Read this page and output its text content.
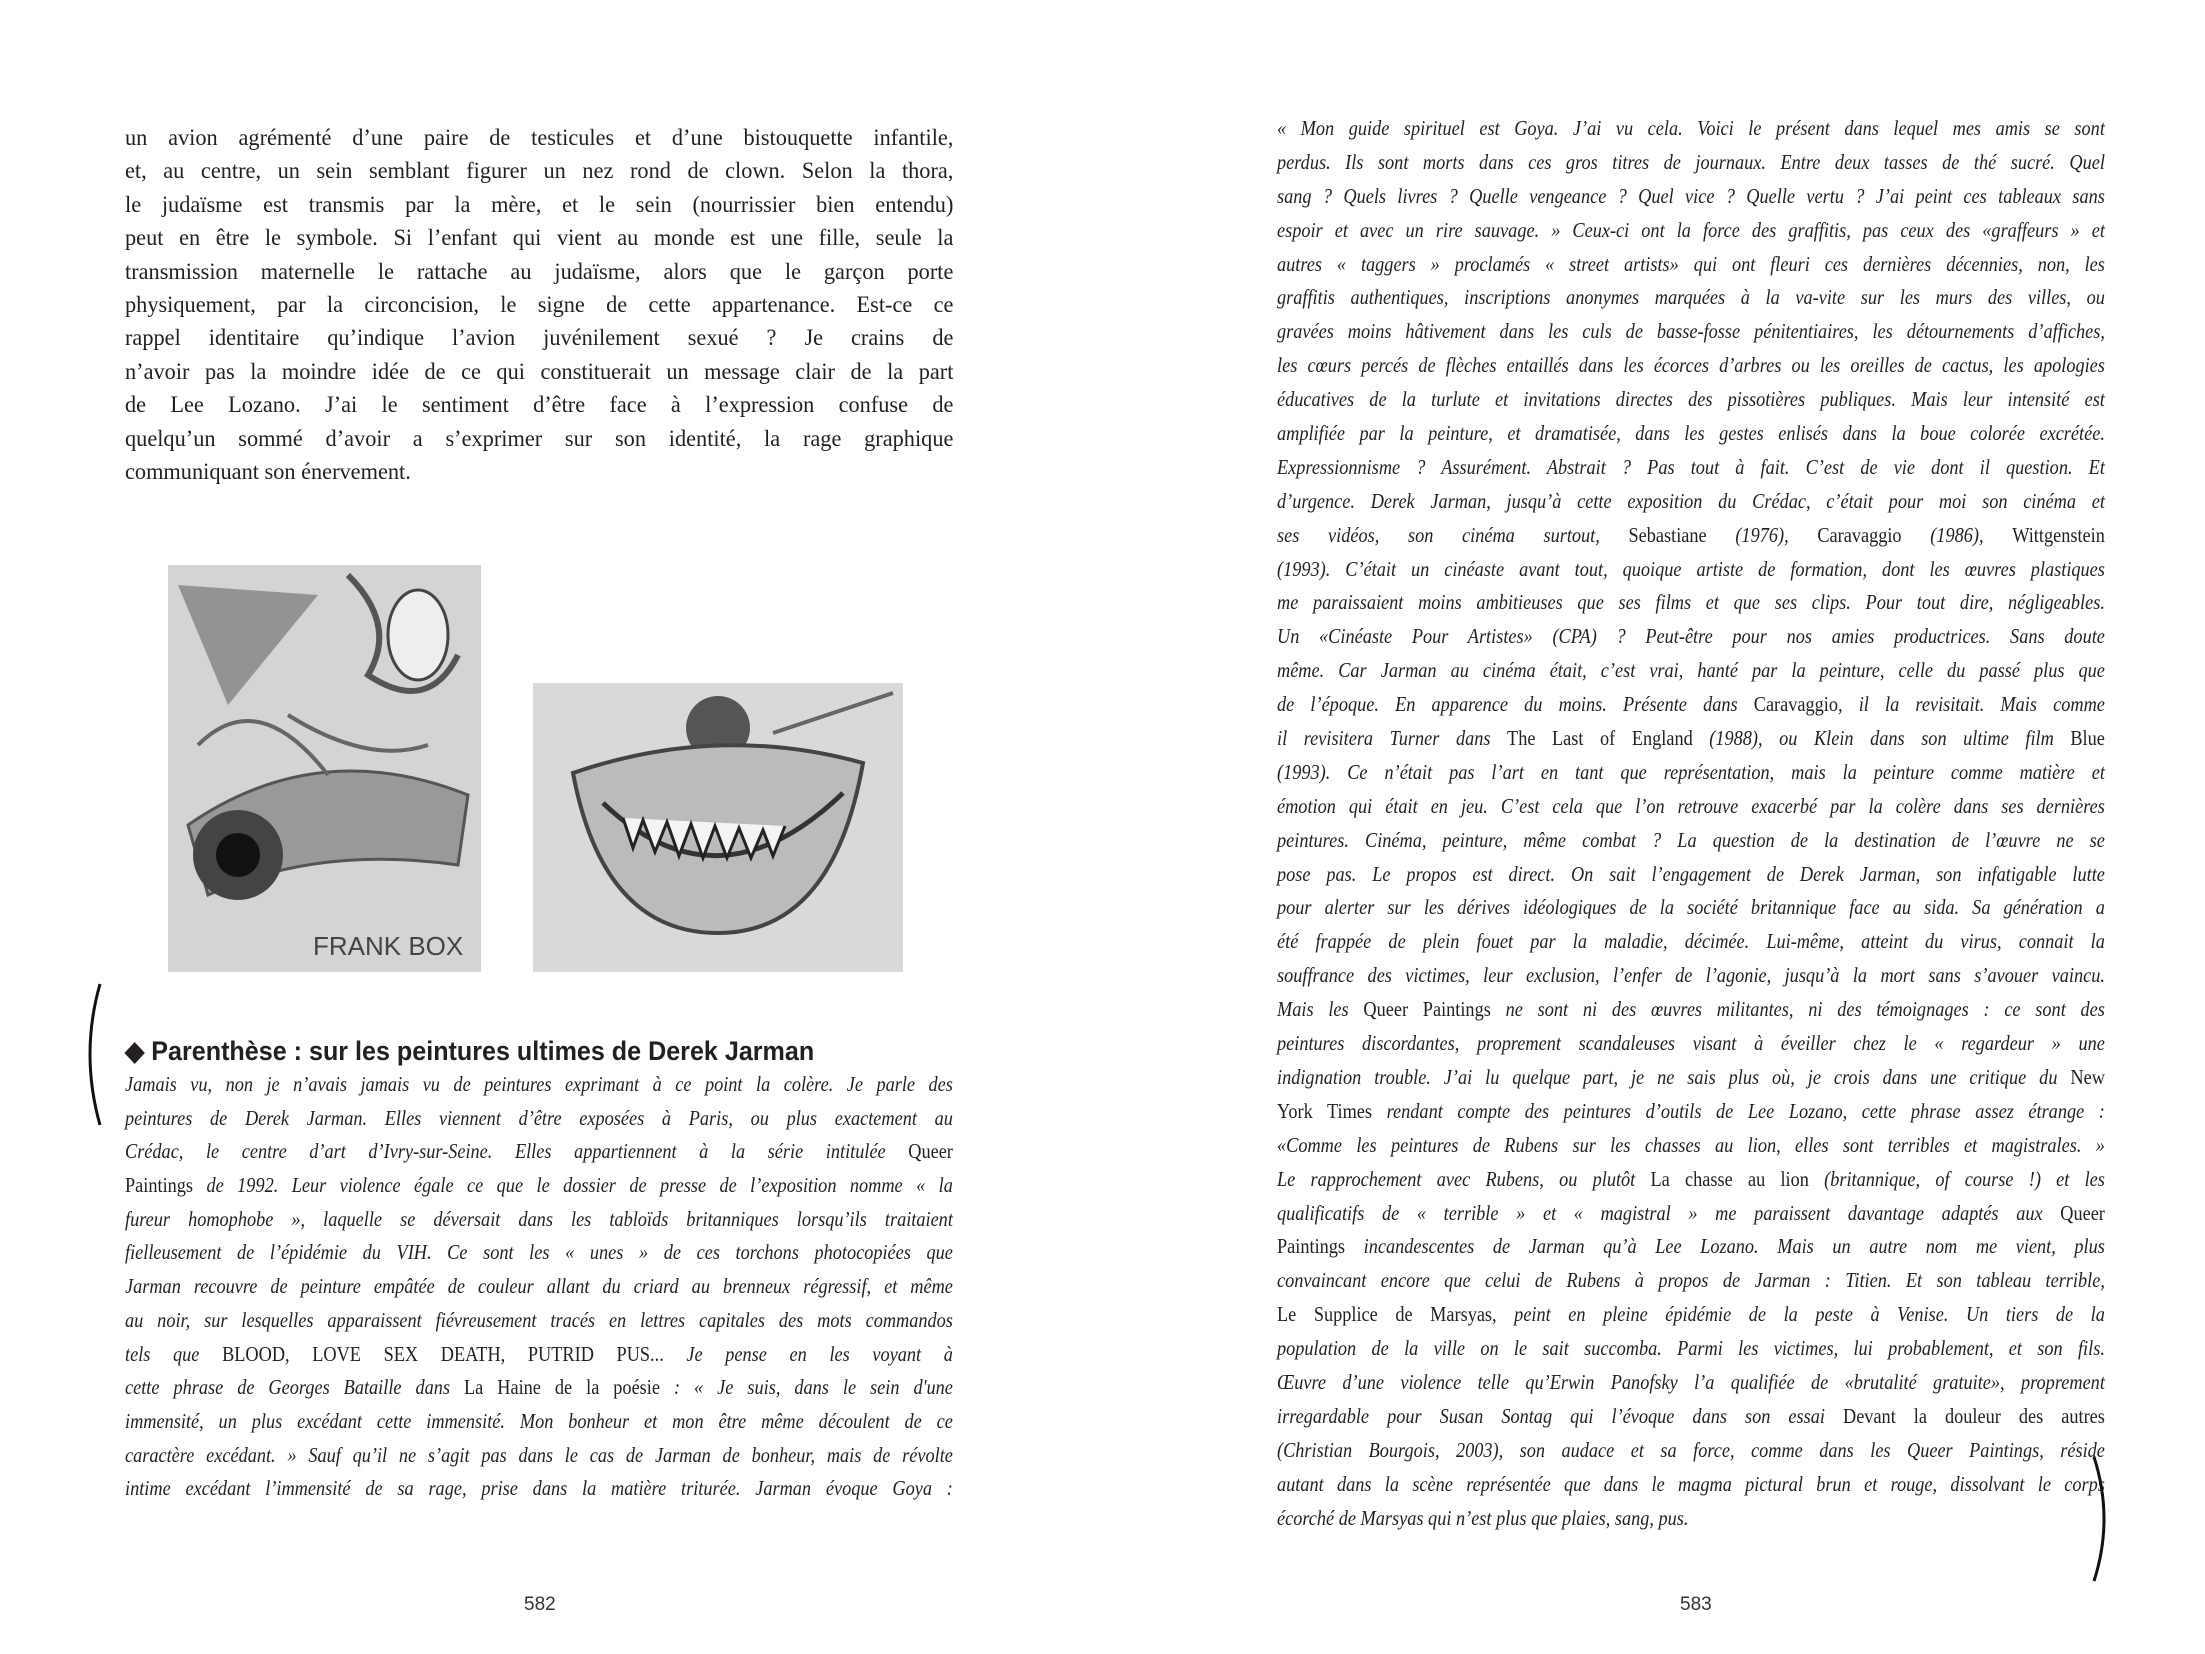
un avion agrémenté d’une paire de testicules et d’une bistouquette infantile,
et, au centre, un sein semblant figurer un nez rond de clown. Selon la thora,
le judaïsme est transmis par la mère, et le sein (nourrissier bien entendu)
peut en être le symbole. Si l’enfant qui vient au monde est une fille, seule la
transmission maternelle le rattache au judaïsme, alors que le garçon porte
physiquement, par la circoncision, le signe de cette appartenance. Est-ce ce
rappel identitaire qu’indique l’avion juvénilement sexué ? Je crains de
n’avoir pas la moindre idée de ce qui constituerait un message clair de la part
de Lee Lozano. J’ai le sentiment d’être face à l’expression confuse de
quelqu’un sommé d’avoir a s’exprimer sur son identité, la rage graphique
communiquant son énervement.
FRANK BOX
◆ Parenthèse : sur les peintures ultimes de Derek Jarman
Jamais vu, non je n’avais jamais vu de peintures exprimant à ce point la colère. Je parle des
peintures de Derek Jarman. Elles viennent d’être exposées à Paris, ou plus exactement au
Crédac, le centre d’art d’Ivry-sur-Seine. Elles appartiennent à la série intitulée Queer
Paintings de 1992. Leur violence égale ce que le dossier de presse de l’exposition nomme « la
fureur homophobe », laquelle se déversait dans les tabloïds britanniques lorsqu’ils traitaient
fielleusement de l’épidémie du VIH. Ce sont les « unes » de ces torchons photocopiées que
Jarman recouvre de peinture empâtée de couleur allant du criard au brenneux régressif, et même
au noir, sur lesquelles apparaissent fiévreusement tracés en lettres capitales des mots commandos
tels que BLOOD, LOVE SEX DEATH, PUTRID PUS... Je pense en les voyant à
cette phrase de Georges Bataille dans La Haine de la poésie : « Je suis, dans le sein d'une
immensité, un plus excédant cette immensité. Mon bonheur et mon être même découlent de ce
caractère excédant. » Sauf qu’il ne s’agit pas dans le cas de Jarman de bonheur, mais de révolte
intime excédant l’immensité de sa rage, prise dans la matière triturée. Jarman évoque Goya :
582
« Mon guide spirituel est Goya. J’ai vu cela. Voici le présent dans lequel mes amis se sont
perdus. Ils sont morts dans ces gros titres de journaux. Entre deux tasses de thé sucré. Quel
sang ? Quels livres ? Quelle vengeance ? Quel vice ? Quelle vertu ? J’ai peint ces tableaux sans
espoir et avec un rire sauvage. » Ceux-ci ont la force des graffitis, pas ceux des «graffeurs » et
autres « taggers » proclamés « street artists» qui ont fleuri ces dernières décennies, non, les
graffitis authentiques, inscriptions anonymes marquées à la va-vite sur les murs des villes, ou
gravées moins hâtivement dans les culs de basse-fosse pénitentiaires, les détournements d’affiches,
les cœurs percés de flèches entaillés dans les écorces d’arbres ou les oreilles de cactus, les apologies
éducatives de la turlute et invitations directes des pissotières publiques. Mais leur intensité est
amplifiée par la peinture, et dramatisée, dans les gestes enlisés dans la boue colorée excrétée.
Expressionnisme ? Assurément. Abstrait ? Pas tout à fait. C’est de vie dont il question. Et
d’urgence. Derek Jarman, jusqu’à cette exposition du Crédac, c’était pour moi son cinéma et
ses vidéos, son cinéma surtout, Sebastiane (1976), Caravaggio (1986), Wittgenstein
(1993). C’était un cinéaste avant tout, quoique artiste de formation, dont les œuvres plastiques
me paraissaient moins ambitieuses que ses films et que ses clips. Pour tout dire, négligeables.
Un «Cinéaste Pour Artistes» (CPA) ? Peut-être pour nos amies productrices. Sans doute
même. Car Jarman au cinéma était, c’est vrai, hanté par la peinture, celle du passé plus que
de l’époque. En apparence du moins. Présente dans Caravaggio, il la revisitait. Mais comme
il revisitera Turner dans The Last of England (1988), ou Klein dans son ultime film Blue
(1993). Ce n’était pas l’art en tant que représentation, mais la peinture comme matière et
émotion qui était en jeu. C’est cela que l’on retrouve exacerbé par la colère dans ses dernières
peintures. Cinéma, peinture, même combat ? La question de la destination de l’œuvre ne se
pose pas. Le propos est direct. On sait l’engagement de Derek Jarman, son infatigable lutte
pour alerter sur les dérives idéologiques de la société britannique face au sida. Sa génération a
été frappée de plein fouet par la maladie, décimée. Lui-même, atteint du virus, connait la
souffrance des victimes, leur exclusion, l’enfer de l’agonie, jusqu’à la mort sans s’avouer vaincu.
Mais les Queer Paintings ne sont ni des œuvres militantes, ni des témoignages : ce sont des
peintures discordantes, proprement scandaleuses visant à éveiller chez le « regardeur » une
indignation trouble. J’ai lu quelque part, je ne sais plus où, je crois dans une critique du New
York Times rendant compte des peintures d’outils de Lee Lozano, cette phrase assez étrange :
«Comme les peintures de Rubens sur les chasses au lion, elles sont terribles et magistrales. »
Le rapprochement avec Rubens, ou plutôt La chasse au lion (britannique, of course !) et les
qualificatifs de « terrible » et « magistral » me paraissent davantage adaptés aux Queer
Paintings incandescentes de Jarman qu’à Lee Lozano. Mais un autre nom me vient, plus
convaincant encore que celui de Rubens à propos de Jarman : Titien. Et son tableau terrible,
Le Supplice de Marsyas, peint en pleine épidémie de la peste à Venise. Un tiers de la
population de la ville on le sait succomba. Parmi les victimes, lui probablement, et son fils.
Œuvre d’une violence telle qu’Erwin Panofsky l’a qualifiée de «brutalité gratuite», proprement
irregardable pour Susan Sontag qui l’évoque dans son essai Devant la douleur des autres
(Christian Bourgois, 2003), son audace et sa force, comme dans les Queer Paintings, réside
autant dans la scène représentée que dans le magma pictural brun et rouge, dissolvant le corps
écorché de Marsyas qui n’est plus que plaies, sang, pus.
583
